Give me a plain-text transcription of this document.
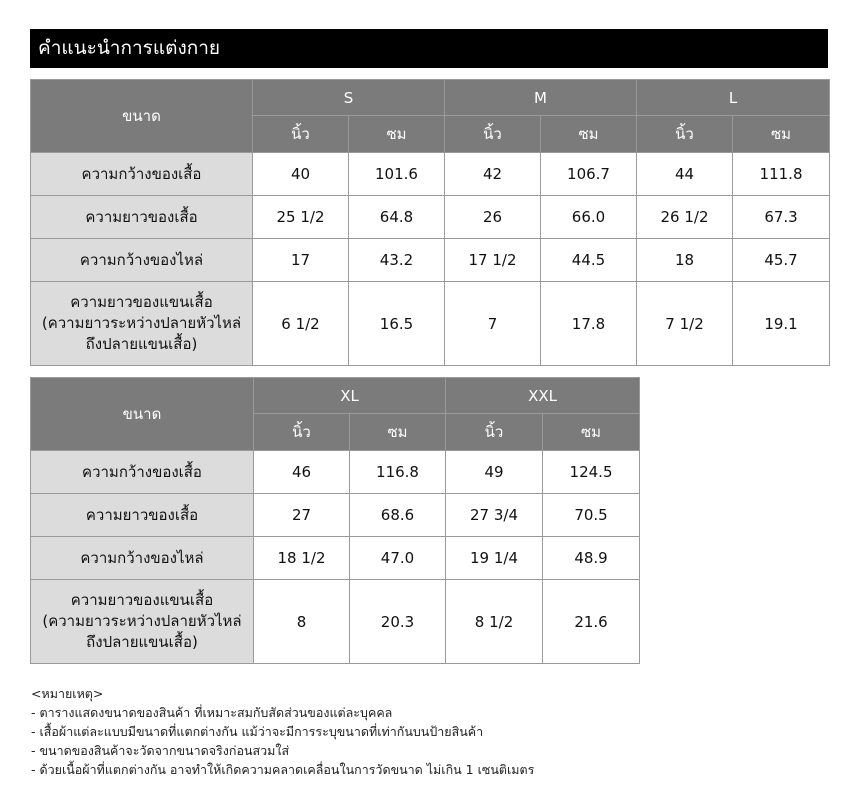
คำแนะนำการแต่งกาย
ขนาด	S		M		L	
	นิ้ว	ซม	นิ้ว	ซม	นิ้ว	ซม
ความกว้างของเสื้อ	40	101.6	42	106.7	44	111.8
ความยาวของเสื้อ	25 1/2	64.8	26	66.0	26 1/2	67.3
ความกว้างของไหล่	17	43.2	17 1/2	44.5	18	45.7

ความยาวของแขนเสื้อ
(ความยาวระหว่างปลายหัวไหล่
ถึงปลายแขนเสื้อ)	6 1/2	16.5	7	17.8	7 1/2	19.1
ขนาด	XL		XXL	
	นิ้ว	ซม	นิ้ว	ซม
ความกว้างของเสื้อ	46	116.8	49	124.5
ความยาวของเสื้อ	27	68.6	27 3/4	70.5
ความกว้างของไหล่	18 1/2	47.0	19 1/4	48.9

ความยาวของแขนเสื้อ
(ความยาวระหว่างปลายหัวไหล่
ถึงปลายแขนเสื้อ)	8	20.3	8 1/2	21.6
<หมายเหตุ>
- ตารางแสดงขนาดของสินค้า ที่เหมาะสมกับสัดส่วนของแต่ละบุคคล
- เสื้อผ้าแต่ละแบบมีขนาดที่แตกต่างกัน แม้ว่าจะมีการระบุขนาดที่เท่ากันบนป้ายสินค้า
- ขนาดของสินค้าจะวัดจากขนาดจริงก่อนสวมใส่
- ด้วยเนื้อผ้าที่แตกต่างกัน อาจทำให้เกิดความคลาดเคลื่อนในการวัดขนาด ไม่เกิน 1 เซนติเมตร
